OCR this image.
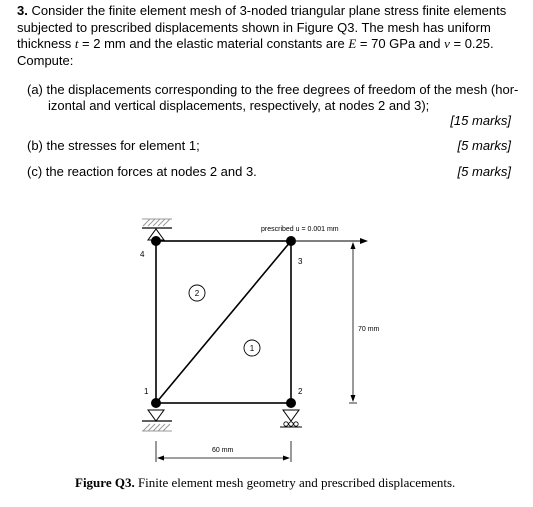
3. Consider the finite element mesh of 3-noded triangular plane stress finite elements
subjected to prescribed displacements shown in Figure Q3. The mesh has uniform
thickness t = 2 mm and the elastic material constants are E = 70 GPa and ν = 0.25.
Compute:
(a) the displacements corresponding to the free degrees of freedom of the mesh (hor-
izontal and vertical displacements, respectively, at nodes 2 and 3);
[15 marks]
(b) the stresses for element 1;	[5 marks]
(c) the reaction forces at nodes 2 and 3.	[5 marks]
4
3
1	2
2
1
prescribed u = 0.001 mm
70 mm
60 mm
Figure Q3. Finite element mesh geometry and prescribed displacements.
